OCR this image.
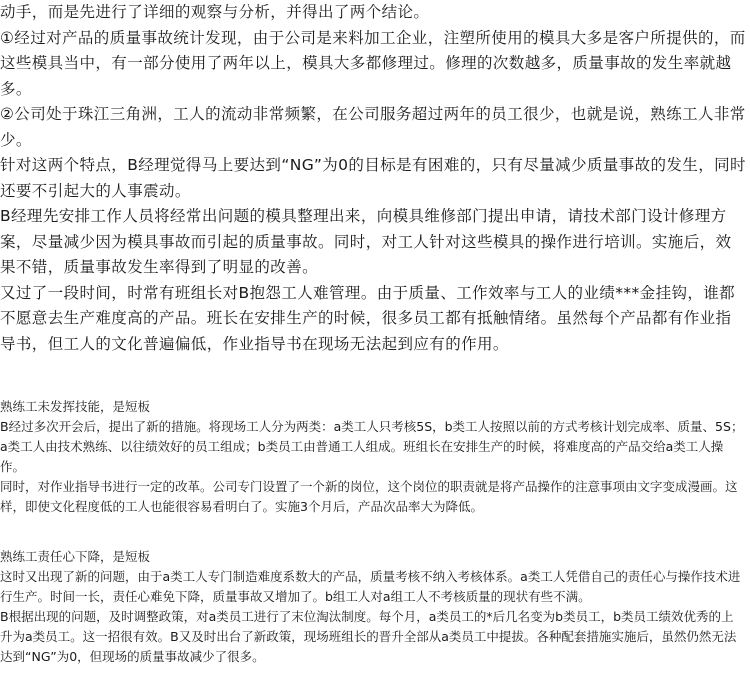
动手，而是先进行了详细的观察与分析，并得出了两个结论。

①经过对产品的质量事故统计发现，由于公司是来料加工企业，注塑所使用的模具大多是客户所提供的，而这些模具当中，有一部分使用了两年以上，模具大多都修理过。修理的次数越多，质量事故的发生率就越多。

②公司处于珠江三角洲，工人的流动非常频繁，在公司服务超过两年的员工很少，也就是说，熟练工人非常少。

针对这两个特点，B经理觉得马上要达到“NG”为0的目标是有困难的，只有尽量减少质量事故的发生，同时还要不引起大的人事震动。

B经理先安排工作人员将经常出问题的模具整理出来，向模具维修部门提出申请，请技术部门设计修理方案，尽量减少因为模具事故而引起的质量事故。同时，对工人针对这些模具的操作进行培训。实施后，效果不错，质量事故发生率得到了明显的改善。

又过了一段时间，时常有班组长对B抱怨工人难管理。由于质量、工作效率与工人的业绩***金挂钩，谁都不愿意去生产难度高的产品。班长在安排生产的时候，很多员工都有抵触情绪。虽然每个产品都有作业指导书，但工人的文化普遍偏低，作业指导书在现场无法起到应有的作用。

熟练工未发挥技能，是短板

B经过多次开会后，提出了新的措施。将现场工人分为两类：a类工人只考核5S，b类工人按照以前的方式考核计划完成率、质量、5S；a类工人由技术熟练、以往绩效好的员工组成；b类员工由普通工人组成。班组长在安排生产的时候，将难度高的产品交给a类工人操作。

同时，对作业指导书进行一定的改革。公司专门设置了一个新的岗位，这个岗位的职责就是将产品操作的注意事项由文字变成漫画。这样，即使文化程度低的工人也能很容易看明白了。实施3个月后，产品次品率大为降低。

熟练工责任心下降，是短板

这时又出现了新的问题，由于a类工人专门制造难度系数大的产品，质量考核不纳入考核体系。a类工人凭借自己的责任心与操作技术进行生产。时间一长，责任心难免下降，质量事故又增加了。b组工人对a组工人不考核质量的现状有些不满。

B根据出现的问题，及时调整政策，对a类员工进行了末位淘汰制度。每个月，a类员工的*后几名变为b类员工，b类员工绩效优秀的上升为a类员工。这一招很有效。B又及时出台了新政策，现场班组长的晋升全部从a类员工中提拔。各种配套措施实施后，虽然仍然无法达到“NG”为0，但现场的质量事故减少了很多。
